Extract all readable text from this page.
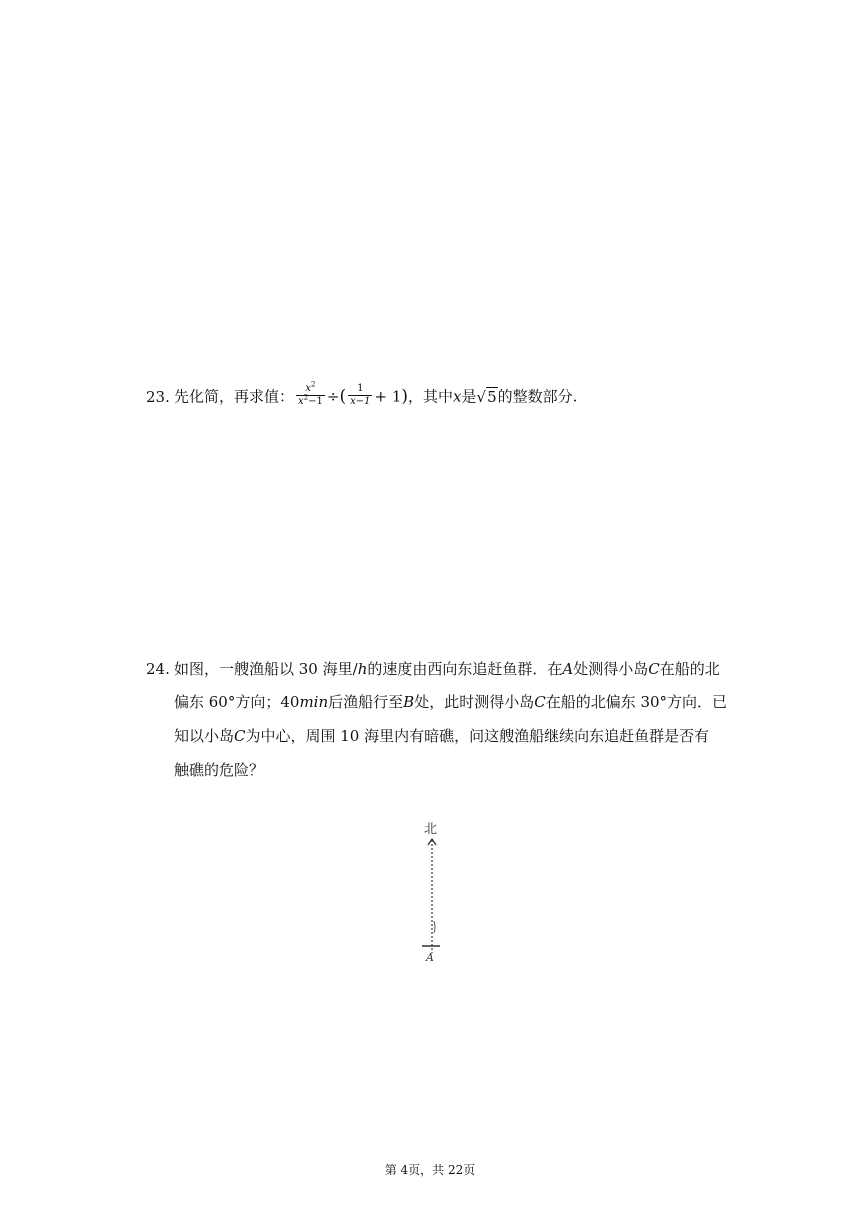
23. 先化简，再求值： $\frac{x^2}{x^2-1}$ ÷( $\frac{1}{x-1} + 1$)，其中x是√5的整数部分.
24. 如图，一艘渔船以 30 海里/h的速度由西向东追赶鱼群．在A处测得小岛C在船的北
偏东 60°方向；40min后渔船行至B处，此时测得小岛C在船的北偏东 30°方向．已
知以小岛C为中心，周围 10 海里内有暗礁，问这艘渔船继续向东追赶鱼群是否有
触礁的危险？
北
A
第 4页，共 22页
